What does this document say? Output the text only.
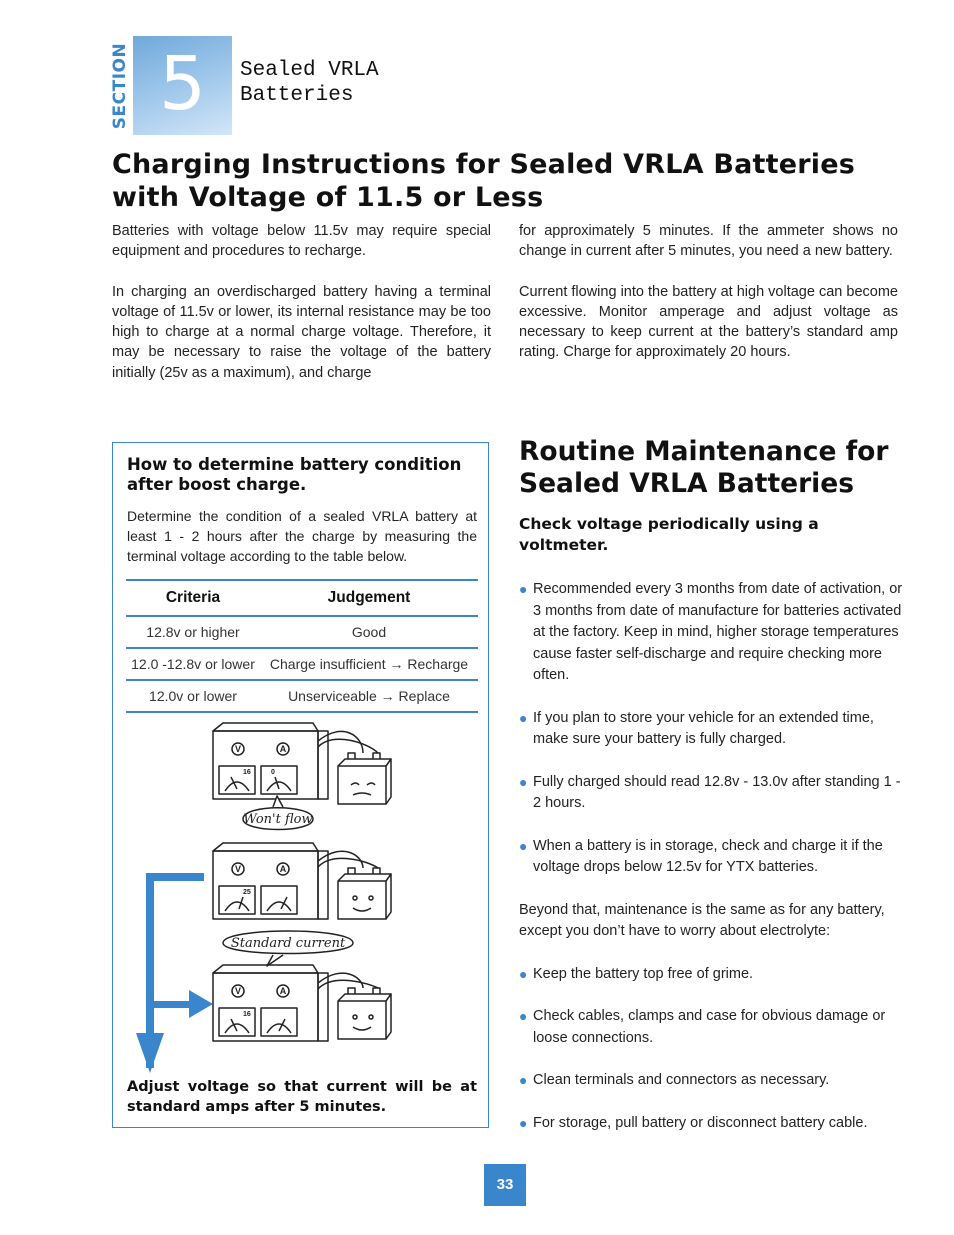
SECTION 5 Sealed VRLA
Batteries
Charging Instructions for Sealed VRLA Batteries
with Voltage of 11.5 or Less

Batteries with voltage below 11.5v may require special equipment and procedures to recharge.

In charging an overdischarged battery having a terminal voltage of 11.5v or lower, its internal resistance may be too high to charge at a normal charge voltage. Therefore, it may be necessary to raise the voltage of the battery initially (25v as a maximum), and charge

for approximately 5 minutes. If the ammeter shows no change in current after 5 minutes, you need a new battery.

Current flowing into the battery at high voltage can become excessive. Monitor amperage and adjust voltage as necessary to keep current at the battery’s standard amp rating. Charge for approximately 20 hours.

How to determine battery condition after boost charge.
Determine the condition of a sealed VRLA battery at least 1 - 2 hours after the charge by measuring the terminal voltage according to the table below.
Criteria	Judgement
12.8v or higher	Good
12.0 -12.8v or lower	Charge insufficient → Recharge
12.0v or lower	Unserviceable → Replace
V	A
V	A
V	A
16	0
25
16
Won't flow
Standard current
Adjust voltage so that current will be at standard amps after 5 minutes.
Routine Maintenance for
Sealed VRLA Batteries
Check voltage periodically using a voltmeter.
● Recommended every 3 months from date of activation, or 3 months from date of manufacture for batteries activated at the factory. Keep in mind, higher storage temperatures cause faster self-discharge and require checking more often.
● If you plan to store your vehicle for an extended time, make sure your battery is fully charged.
● Fully charged should read 12.8v - 13.0v after standing 1 - 2 hours.
● When a battery is in storage, check and charge it if the voltage drops below 12.5v for YTX batteries.
Beyond that, maintenance is the same as for any battery, except you don’t have to worry about electrolyte:
● Keep the battery top free of grime.
● Check cables, clamps and case for obvious damage or loose connections.
● Clean terminals and connectors as necessary.
● For storage, pull battery or disconnect battery cable.
33
